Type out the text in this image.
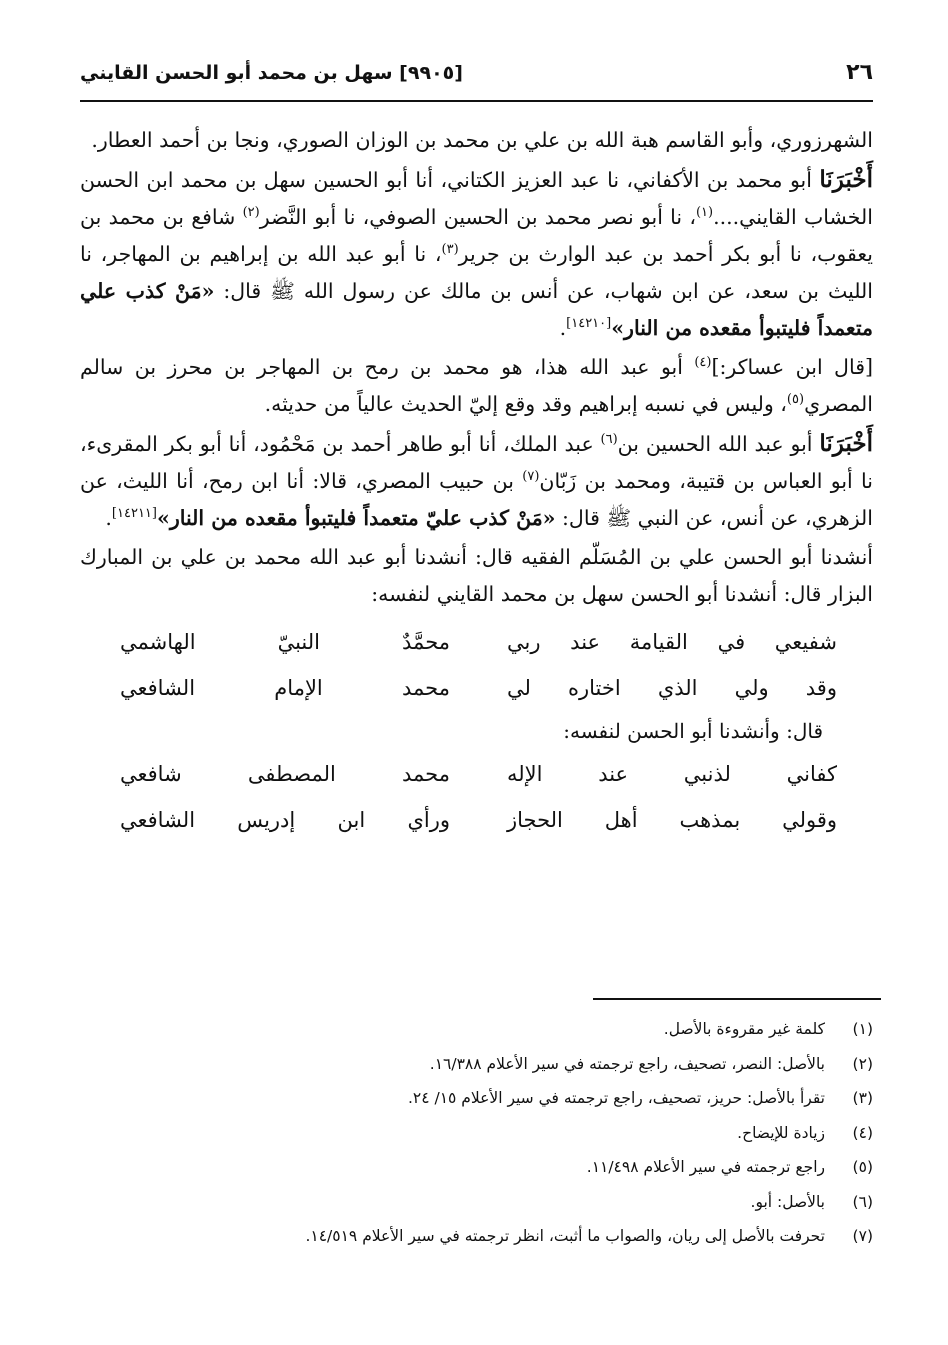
٢٦
[٩٩٠٥] سهل بن محمد أبو الحسن القايني

الشهرزوري، وأبو القاسم هبة الله بن علي بن محمد بن الوزان الصوري، ونجا بن أحمد العطار.

أَخْبَرَنَا أبو محمد بن الأكفاني، نا عبد العزيز الكتاني، أنا أبو الحسين سهل بن محمد ابن الحسن الخشاب القايني....$^{(١)}$، نا أبو نصر محمد بن الحسين الصوفي، نا أبو النَّضر$^{(٢)}$ شافع بن محمد بن يعقوب، نا أبو بكر أحمد بن عبد الوارث بن جرير$^{(٣)}$، نا أبو عبد الله بن إبراهيم بن المهاجر، نا الليث بن سعد، عن ابن شهاب، عن أنس بن مالك عن رسول الله ﷺ قال: «مَنْ كذب علي متعمداً فليتبوأ مقعده من النار»[١٤٢١٠].

[قال ابن عساكر:]$^{(٤)}$ أبو عبد الله هذا، هو محمد بن رمح بن المهاجر بن محرز بن سالم المصري$^{(٥)}$، وليس في نسبه إبراهيم وقد وقع إليّ الحديث عالياً من حديثه.

أَخْبَرَنَا أبو عبد الله الحسين بن$^{(٦)}$ عبد الملك، أنا أبو طاهر أحمد بن مَحْمُود، أنا أبو بكر المقرىء، نا أبو العباس بن قتيبة، ومحمد بن زَبّان$^{(٧)}$ بن حبيب المصري، قالا: أنا ابن رمح، أنا الليث، عن الزهري، عن أنس، عن النبي ﷺ قال: «مَنْ كذب عليّ متعمداً فليتبوأ مقعده من النار»[١٤٢١١].

أنشدنا أبو الحسن علي بن المُسَلّم الفقيه قال: أنشدنا أبو عبد الله محمد بن علي بن المبارك البزار قال: أنشدنا أبو الحسن سهل بن محمد القايني لنفسه:

شفيعي في القيامة عند ربي
محمَّدٌ النبيّ الهاشمي
وقد ولي الذي اختاره لي
محمد الإمام الشافعي
قال: وأنشدنا أبو الحسن لنفسه:
كفاني لذنبي عند الإله
محمد المصطفى شافعي
وقولي بمذهب أهل الحجاز
ورأي ابن إدريس الشافعي
(١)كلمة غير مقروءة بالأصل.
(٢)بالأصل: النصر، تصحيف، راجع ترجمته في سير الأعلام ١٦/٣٨٨.
(٣)تقرأ بالأصل: حريز، تصحيف، راجع ترجمته في سير الأعلام ١٥/ ٢٤.
(٤)زيادة للإيضاح.
(٥)راجع ترجمته في سير الأعلام ١١/٤٩٨.
(٦)بالأصل: أبو.
(٧)تحرفت بالأصل إلى ريان، والصواب ما أثبت، انظر ترجمته في سير الأعلام ١٤/٥١٩.
